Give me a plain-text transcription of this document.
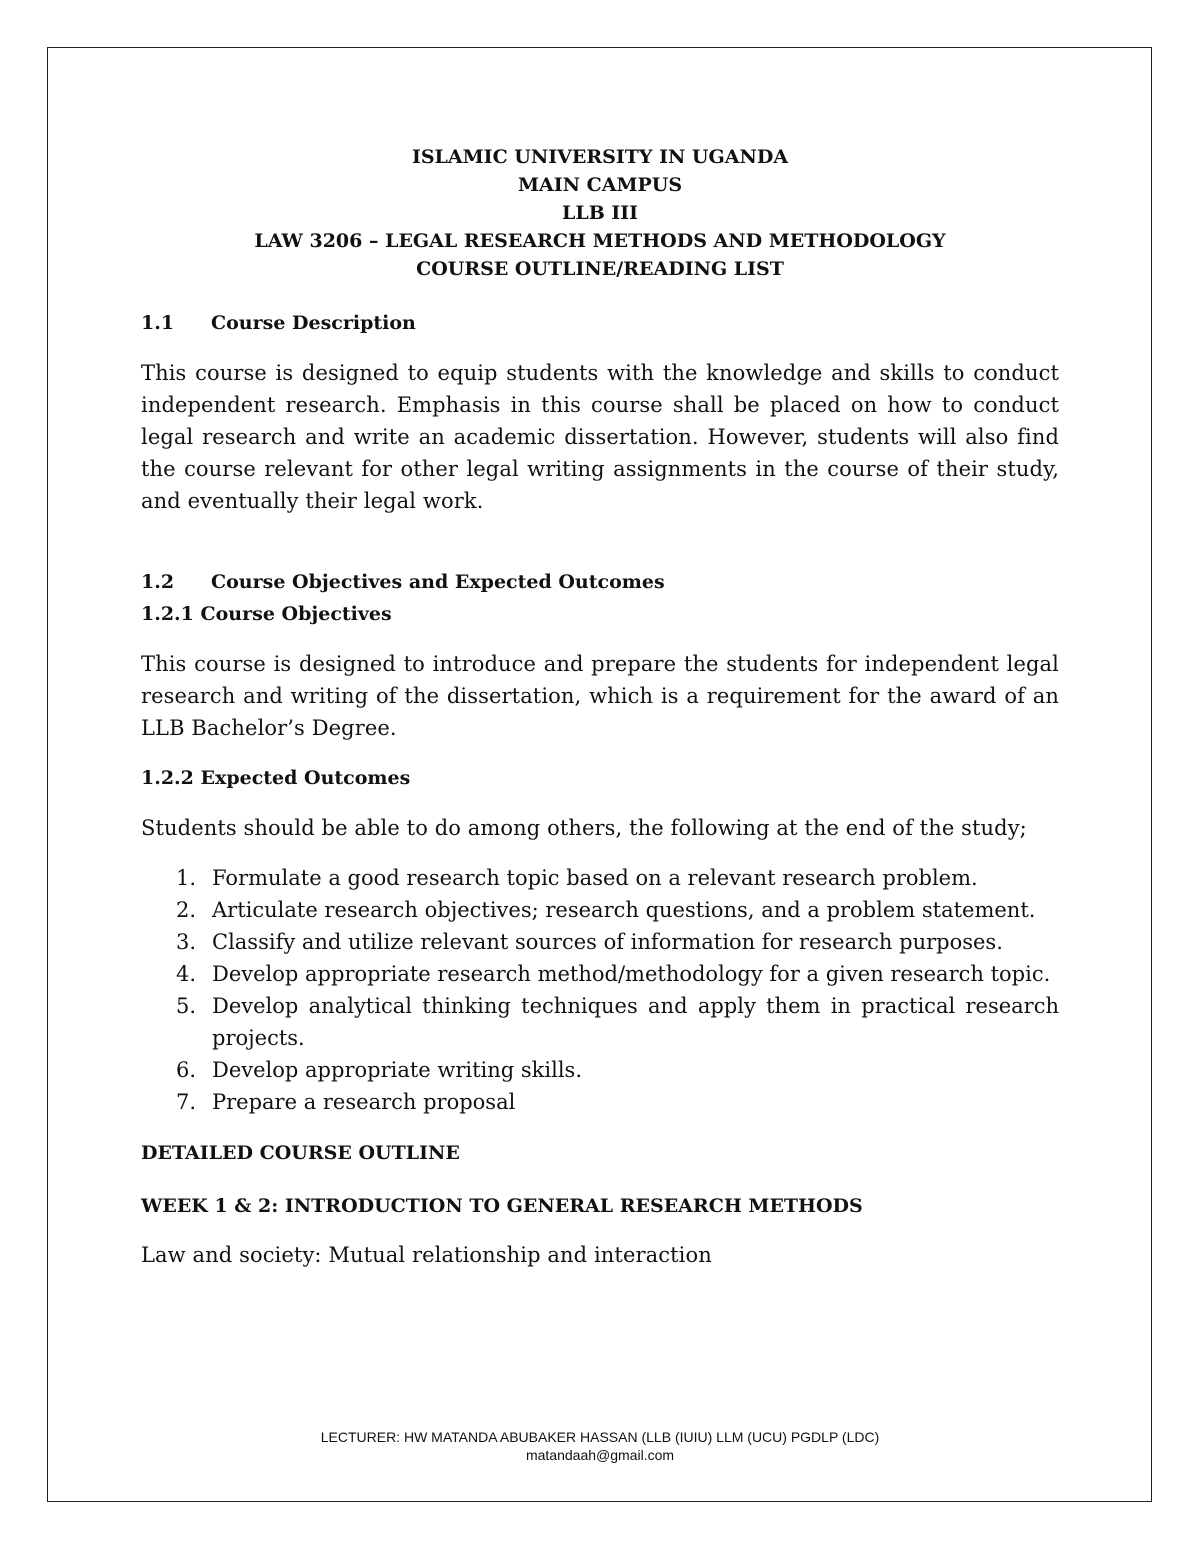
ISLAMIC UNIVERSITY IN UGANDA
MAIN CAMPUS
LLB III
LAW 3206 – LEGAL RESEARCH METHODS AND METHODOLOGY
COURSE OUTLINE/READING LIST
1.1	Course Description

This course is designed to equip students with the knowledge and skills to conduct independent research. Emphasis in this course shall be placed on how to conduct legal research and write an academic dissertation. However, students will also find the course relevant for other legal writing assignments in the course of their study, and eventually their legal work.

1.2	Course Objectives and Expected Outcomes
1.2.1 Course Objectives

This course is designed to introduce and prepare the students for independent legal research and writing of the dissertation, which is a requirement for the award of an LLB Bachelor’s Degree.

1.2.2 Expected Outcomes

Students should be able to do among others, the following at the end of the study;

1. Formulate a good research topic based on a relevant research problem.
2. Articulate research objectives; research questions, and a problem statement.
3. Classify and utilize relevant sources of information for research purposes.
4. Develop appropriate research method/methodology for a given research topic.
5. Develop analytical thinking techniques and apply them in practical research projects.
6. Develop appropriate writing skills.
7. Prepare a research proposal
DETAILED COURSE OUTLINE
WEEK 1 & 2: INTRODUCTION TO GENERAL RESEARCH METHODS

Law and society: Mutual relationship and interaction

LECTURER: HW MATANDA ABUBAKER HASSAN (LLB (IUIU) LLM (UCU) PGDLP (LDC)
matandaah@gmail.com
